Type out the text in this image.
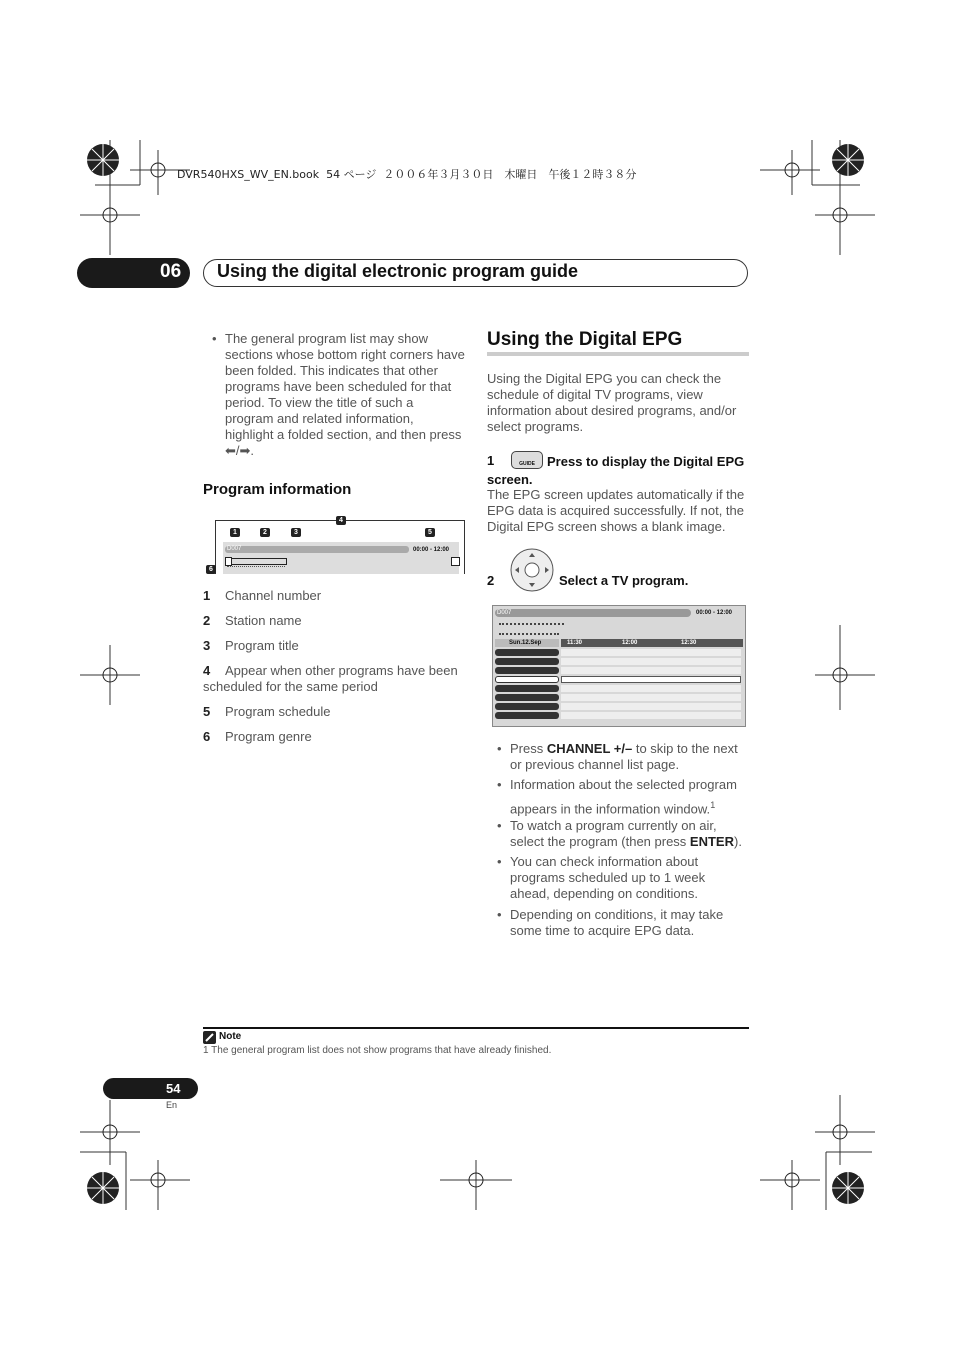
DVR540HXS_WV_EN.book  54 ページ  ２００６年３月３０日　木曜日　午後１２時３８分
06 Using the digital electronic program guide
• The general program list may show sections whose bottom right corners have been folded. This indicates that other programs have been scheduled for that period. To view the title of such a program and related information, highlight a folded section, and then press ⬅/➡.
Program information
D007	00:00 - 12:00
1	2	3
4
5
6
1 Channel number
2 Station name
3 Program title
4 Appear when other programs have been scheduled for the same period
5 Program schedule
6 Program genre
Using the Digital EPG
Using the Digital EPG you can check the schedule of digital TV programs, view information about desired programs, and/or select programs.
1	GUIDE Press to display the Digital EPG screen.
The EPG screen updates automatically if the EPG data is acquired successfully. If not, the Digital EPG screen shows a blank image.
2	Select a TV program.
D007	00:00 - 12:00
Sun.12.Sep	11:30	12:00	12:30
• Press CHANNEL +/– to skip to the next or previous channel list page.
• Information about the selected program appears in the information window.$^1$
• To watch a program currently on air, select the program (then press ENTER).
• You can check information about programs scheduled up to 1 week ahead, depending on conditions.
• Depending on conditions, it may take some time to acquire EPG data.
Note
1 The general program list does not show programs that have already finished.
54
En
